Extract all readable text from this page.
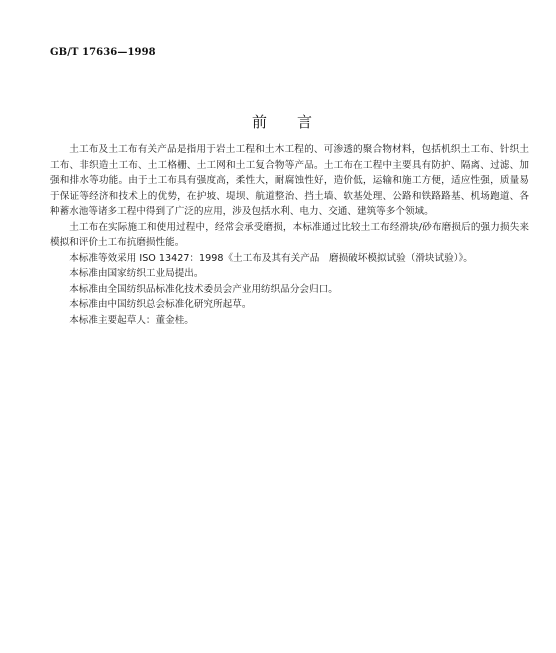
GB/T 17636—1998
前　　言

土工布及土工布有关产品是指用于岩土工程和土木工程的、可渗透的聚合物材料，包括机织土工布、针织土工布、非织造土工布、土工格栅、土工网和土工复合物等产品。土工布在工程中主要具有防护、隔离、过滤、加强和排水等功能。由于土工布具有强度高，柔性大，耐腐蚀性好，造价低，运输和施工方便，适应性强，质量易于保证等经济和技术上的优势，在护坡、堤坝、航道整治、挡土墙、软基处理、公路和铁路路基、机场跑道、各种蓄水池等诸多工程中得到了广泛的应用，涉及包括水利、电力、交通、建筑等多个领域。

土工布在实际施工和使用过程中，经常会承受磨损，本标准通过比较土工布经滑块/砂布磨损后的强力损失来模拟和评价土工布抗磨损性能。

本标准等效采用 ISO 13427：1998《土工布及其有关产品　磨损破坏模拟试验（滑块试验）》。

本标准由国家纺织工业局提出。

本标准由全国纺织品标准化技术委员会产业用纺织品分会归口。

本标准由中国纺织总会标准化研究所起草。

本标准主要起草人：董金桂。
